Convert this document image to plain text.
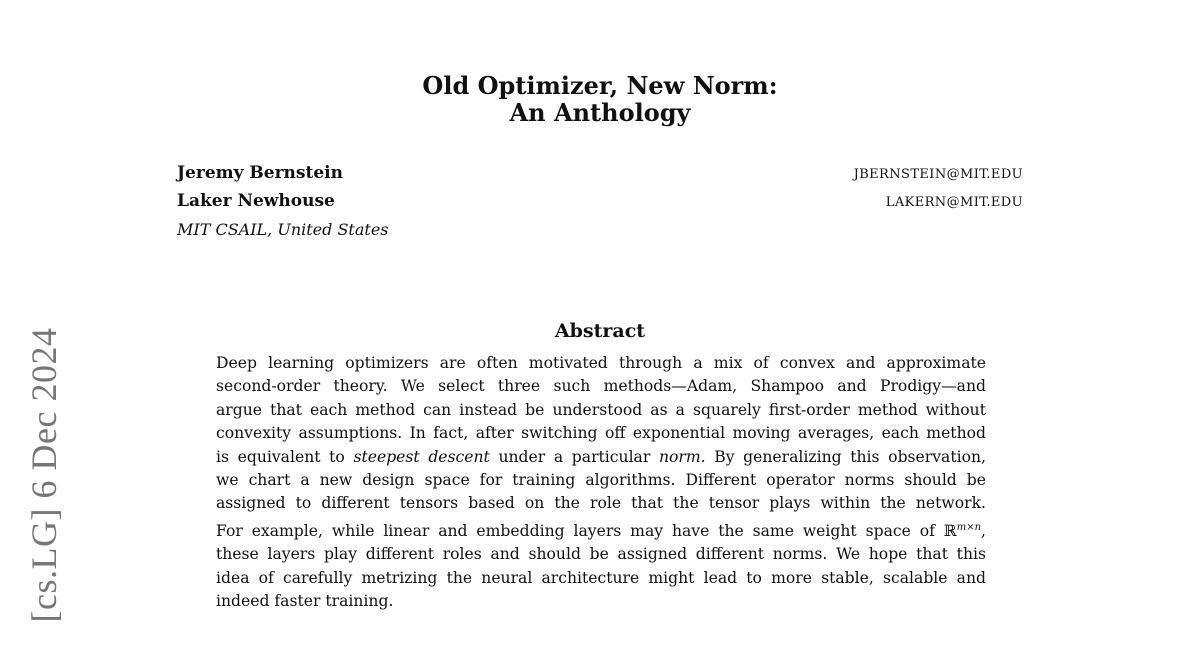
[cs.LG] 6 Dec 2024
Old Optimizer, New Norm:
An Anthology
Jeremy Bernstein	JBERNSTEIN@MIT.EDU
Laker Newhouse	LAKERN@MIT.EDU
MIT CSAIL, United States
Abstract
Deep learning optimizers are often motivated through a mix of convex and approximate
second-order theory. We select three such methods—Adam, Shampoo and Prodigy—and
argue that each method can instead be understood as a squarely first-order method without
convexity assumptions. In fact, after switching off exponential moving averages, each method
is equivalent to steepest descent under a particular norm. By generalizing this observation,
we chart a new design space for training algorithms. Different operator norms should be
assigned to different tensors based on the role that the tensor plays within the network.
For example, while linear and embedding layers may have the same weight space of ℝ$^{m\times n}$,
these layers play different roles and should be assigned different norms. We hope that this
idea of carefully metrizing the neural architecture might lead to more stable, scalable and
indeed faster training.
